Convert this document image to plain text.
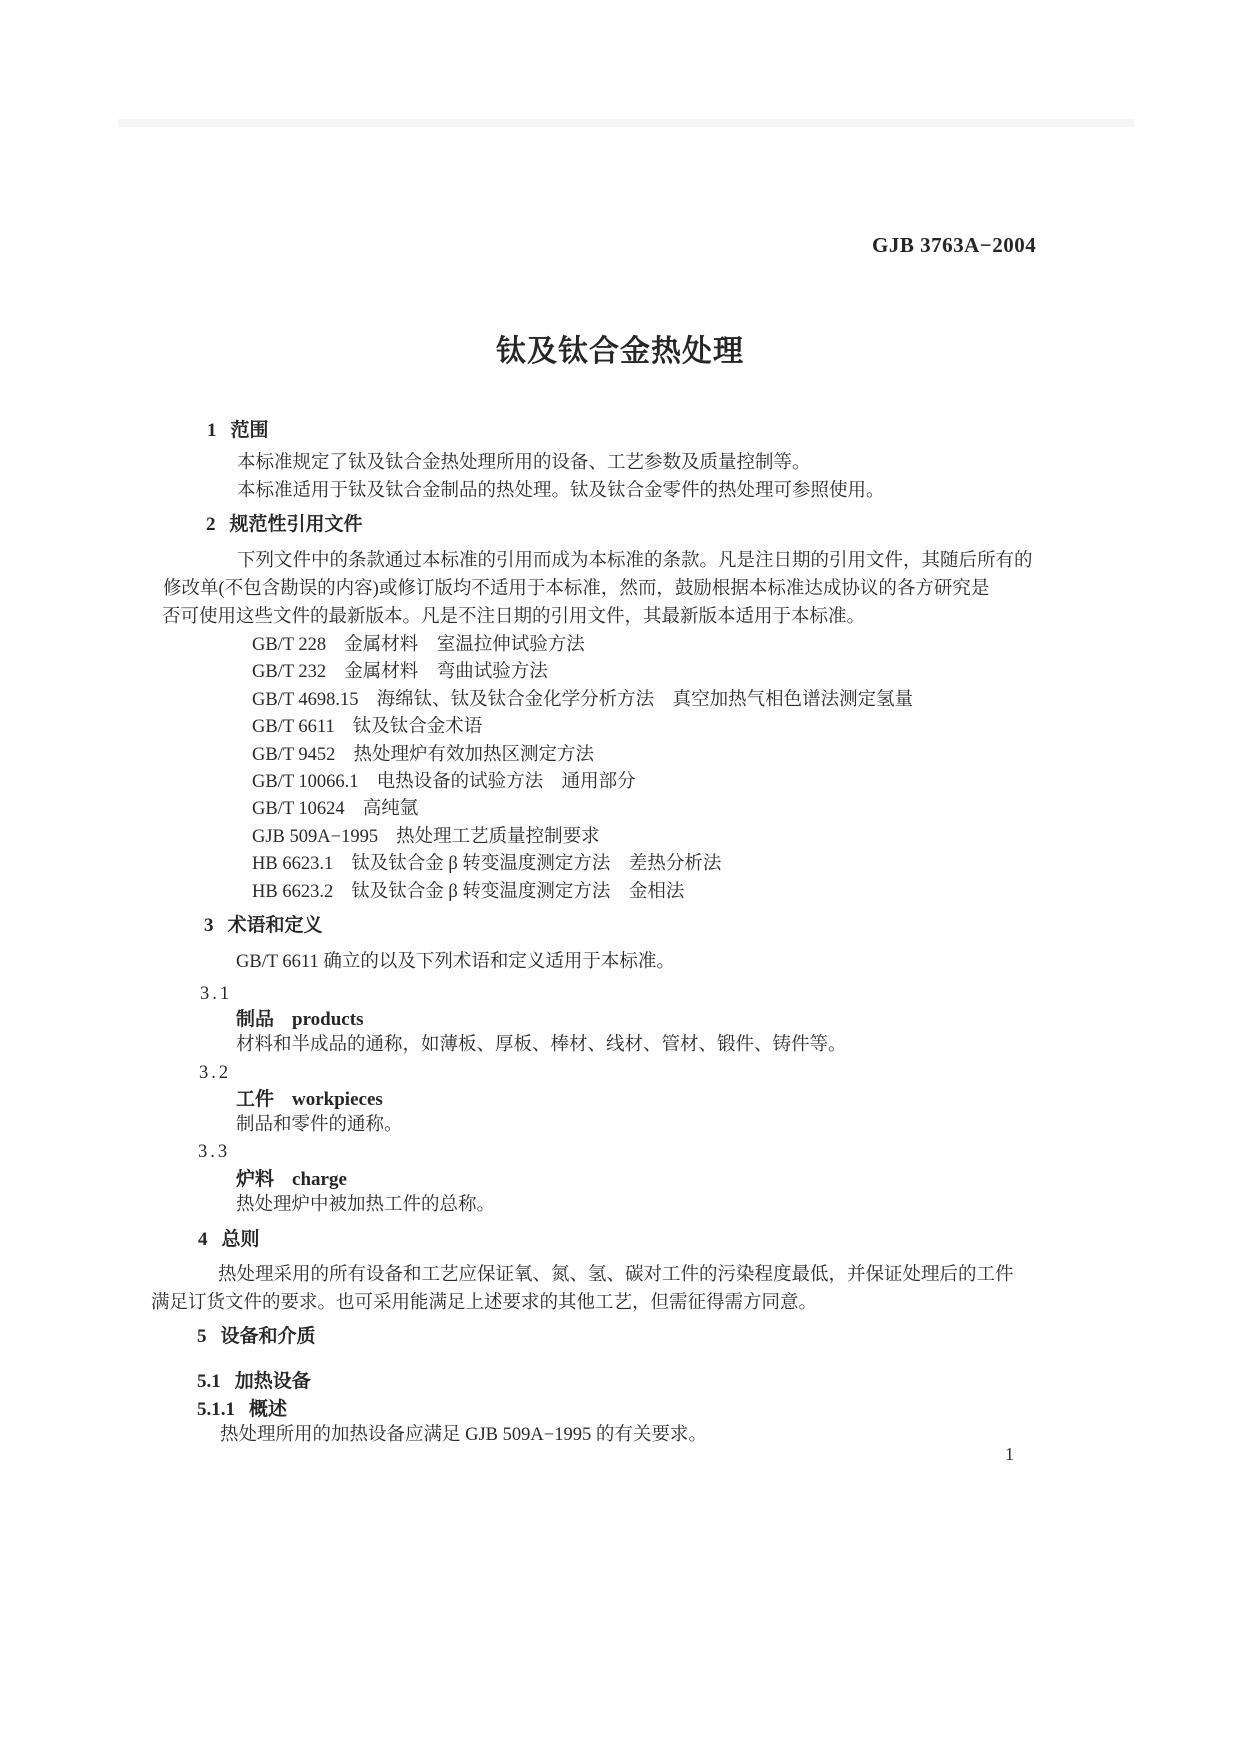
GJB 3763A−2004
钛及钛合金热处理
1 范围
本标准规定了钛及钛合金热处理所用的设备、工艺参数及质量控制等。
本标准适用于钛及钛合金制品的热处理。钛及钛合金零件的热处理可参照使用。
2 规范性引用文件
下列文件中的条款通过本标准的引用而成为本标准的条款。凡是注日期的引用文件，其随后所有的
修改单(不包含勘误的内容)或修订版均不适用于本标准，然而，鼓励根据本标准达成协议的各方研究是
否可使用这些文件的最新版本。凡是不注日期的引用文件，其最新版本适用于本标准。
GB/T 228 金属材料　室温拉伸试验方法
GB/T 232 金属材料　弯曲试验方法
GB/T 4698.15 海绵钛、钛及钛合金化学分析方法　真空加热气相色谱法测定氢量
GB/T 6611 钛及钛合金术语
GB/T 9452 热处理炉有效加热区测定方法
GB/T 10066.1 电热设备的试验方法　通用部分
GB/T 10624 高纯氩
GJB 509A−1995 热处理工艺质量控制要求
HB 6623.1 钛及钛合金 β 转变温度测定方法　差热分析法
HB 6623.2 钛及钛合金 β 转变温度测定方法　金相法
3 术语和定义
GB/T 6611 确立的以及下列术语和定义适用于本标准。
3.1
制品 products
材料和半成品的通称，如薄板、厚板、棒材、线材、管材、锻件、铸件等。
3.2
工件 workpieces
制品和零件的通称。
3.3
炉料 charge
热处理炉中被加热工件的总称。
4 总则
热处理采用的所有设备和工艺应保证氧、氮、氢、碳对工件的污染程度最低，并保证处理后的工件
满足订货文件的要求。也可采用能满足上述要求的其他工艺，但需征得需方同意。
5 设备和介质
5.1 加热设备
5.1.1 概述
热处理所用的加热设备应满足 GJB 509A−1995 的有关要求。
1
